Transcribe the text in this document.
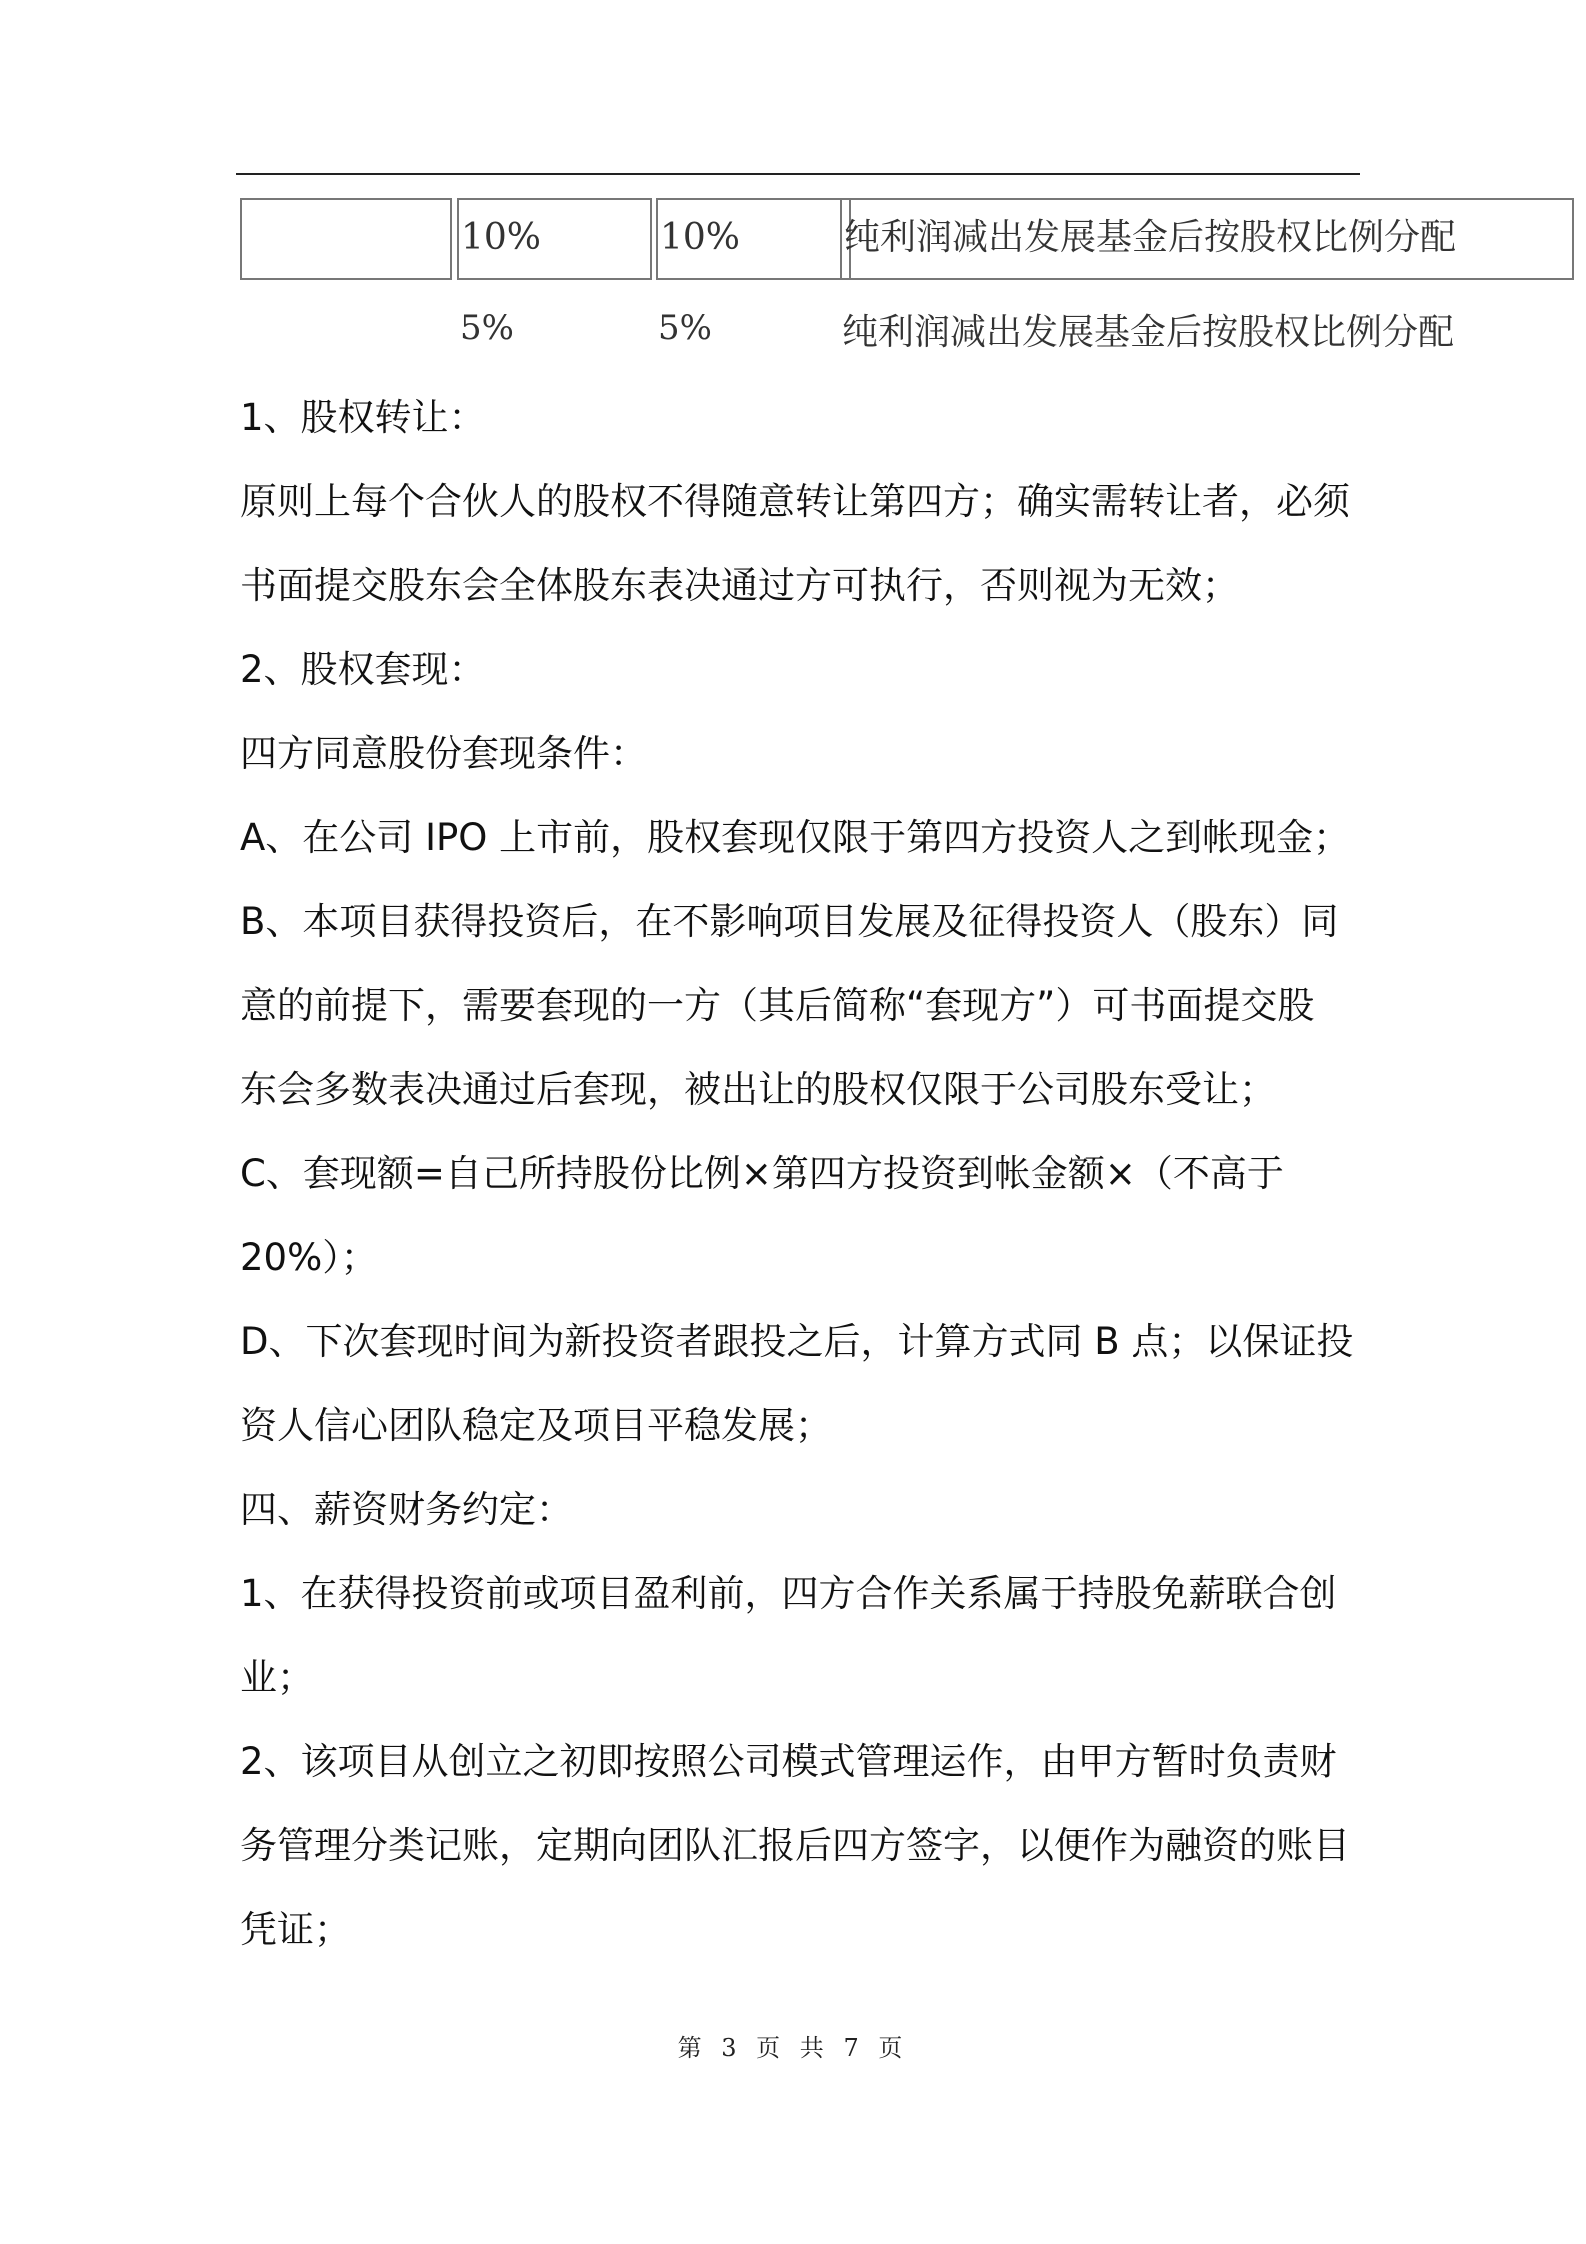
10%	10%	纯利润减出发展基金后按股权比例分配
5%	5%	纯利润减出发展基金后按股权比例分配

1、股权转让：

原则上每个合伙人的股权不得随意转让第四方；确实需转让者，必须

书面提交股东会全体股东表决通过方可执行，否则视为无效；

2、股权套现：

四方同意股份套现条件：

A、在公司 IPO 上市前，股权套现仅限于第四方投资人之到帐现金；

B、本项目获得投资后，在不影响项目发展及征得投资人（股东）同

意的前提下，需要套现的一方（其后简称“套现方”）可书面提交股

东会多数表决通过后套现，被出让的股权仅限于公司股东受让；

C、套现额=自己所持股份比例×第四方投资到帐金额×（不高于

20%）；

D、下次套现时间为新投资者跟投之后，计算方式同 B 点；以保证投

资人信心团队稳定及项目平稳发展；

四、薪资财务约定：

1、在获得投资前或项目盈利前，四方合作关系属于持股免薪联合创

业；

2、该项目从创立之初即按照公司模式管理运作，由甲方暂时负责财

务管理分类记账，定期向团队汇报后四方签字，以便作为融资的账目

凭证；

第 3 页 共 7 页
